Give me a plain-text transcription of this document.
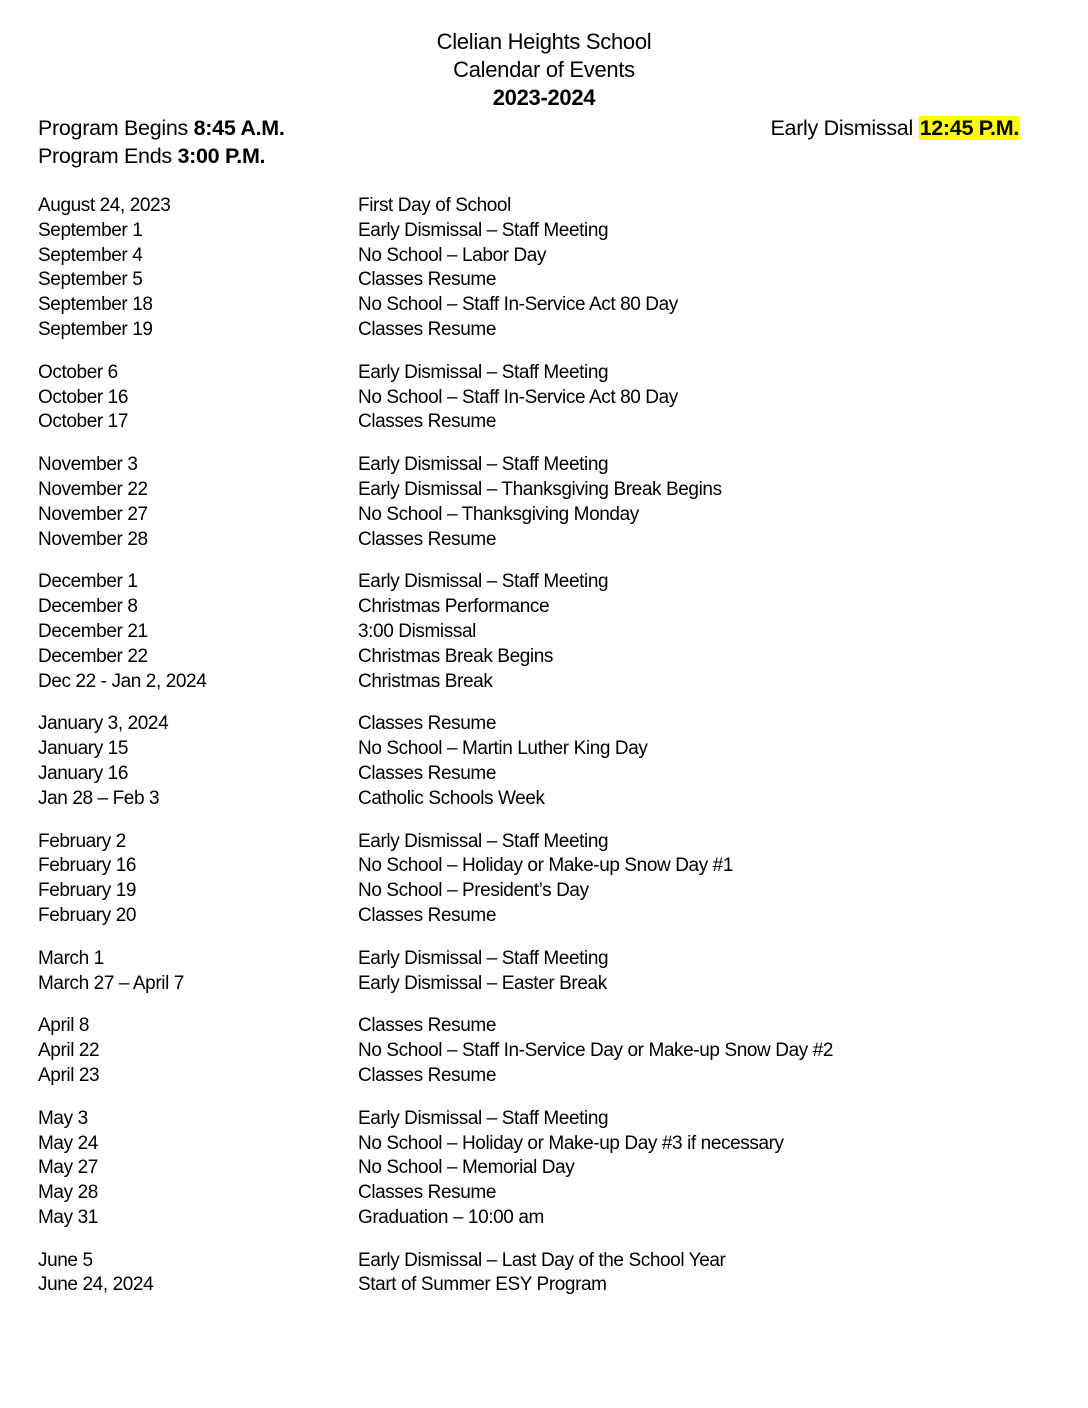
Clelian Heights School
Calendar of Events
2023-2024
Program Begins 8:45 A.M.
Program Ends 3:00 P.M.
Early Dismissal 12:45 P.M.
August 24, 2023	First Day of School
September 1	Early Dismissal – Staff Meeting
September 4	No School – Labor Day
September 5	Classes Resume
September 18	No School – Staff In-Service Act 80 Day
September 19	Classes Resume
October 6	Early Dismissal – Staff Meeting
October 16	No School – Staff In-Service Act 80 Day
October 17	Classes Resume
November 3	Early Dismissal – Staff Meeting
November 22	Early Dismissal – Thanksgiving Break Begins
November 27	No School – Thanksgiving Monday
November 28	Classes Resume
December 1	Early Dismissal – Staff Meeting
December 8	Christmas Performance
December 21	3:00 Dismissal
December 22	Christmas Break Begins
Dec 22 - Jan 2, 2024	Christmas Break
January 3, 2024	Classes Resume
January 15	No School – Martin Luther King Day
January 16	Classes Resume
Jan 28 – Feb 3	Catholic Schools Week
February 2	Early Dismissal – Staff Meeting
February 16	No School – Holiday or Make-up Snow Day #1
February 19	No School – President’s Day
February 20	Classes Resume
March 1	Early Dismissal – Staff Meeting
March 27 – April 7	Early Dismissal – Easter Break
April 8	Classes Resume
April 22	No School – Staff In-Service Day or Make-up Snow Day #2
April 23	Classes Resume
May 3	Early Dismissal – Staff Meeting
May 24	No School – Holiday or Make-up Day #3 if necessary
May 27	No School – Memorial Day
May 28	Classes Resume
May 31	Graduation – 10:00 am
June 5	Early Dismissal – Last Day of the School Year
June 24, 2024	Start of Summer ESY Program
